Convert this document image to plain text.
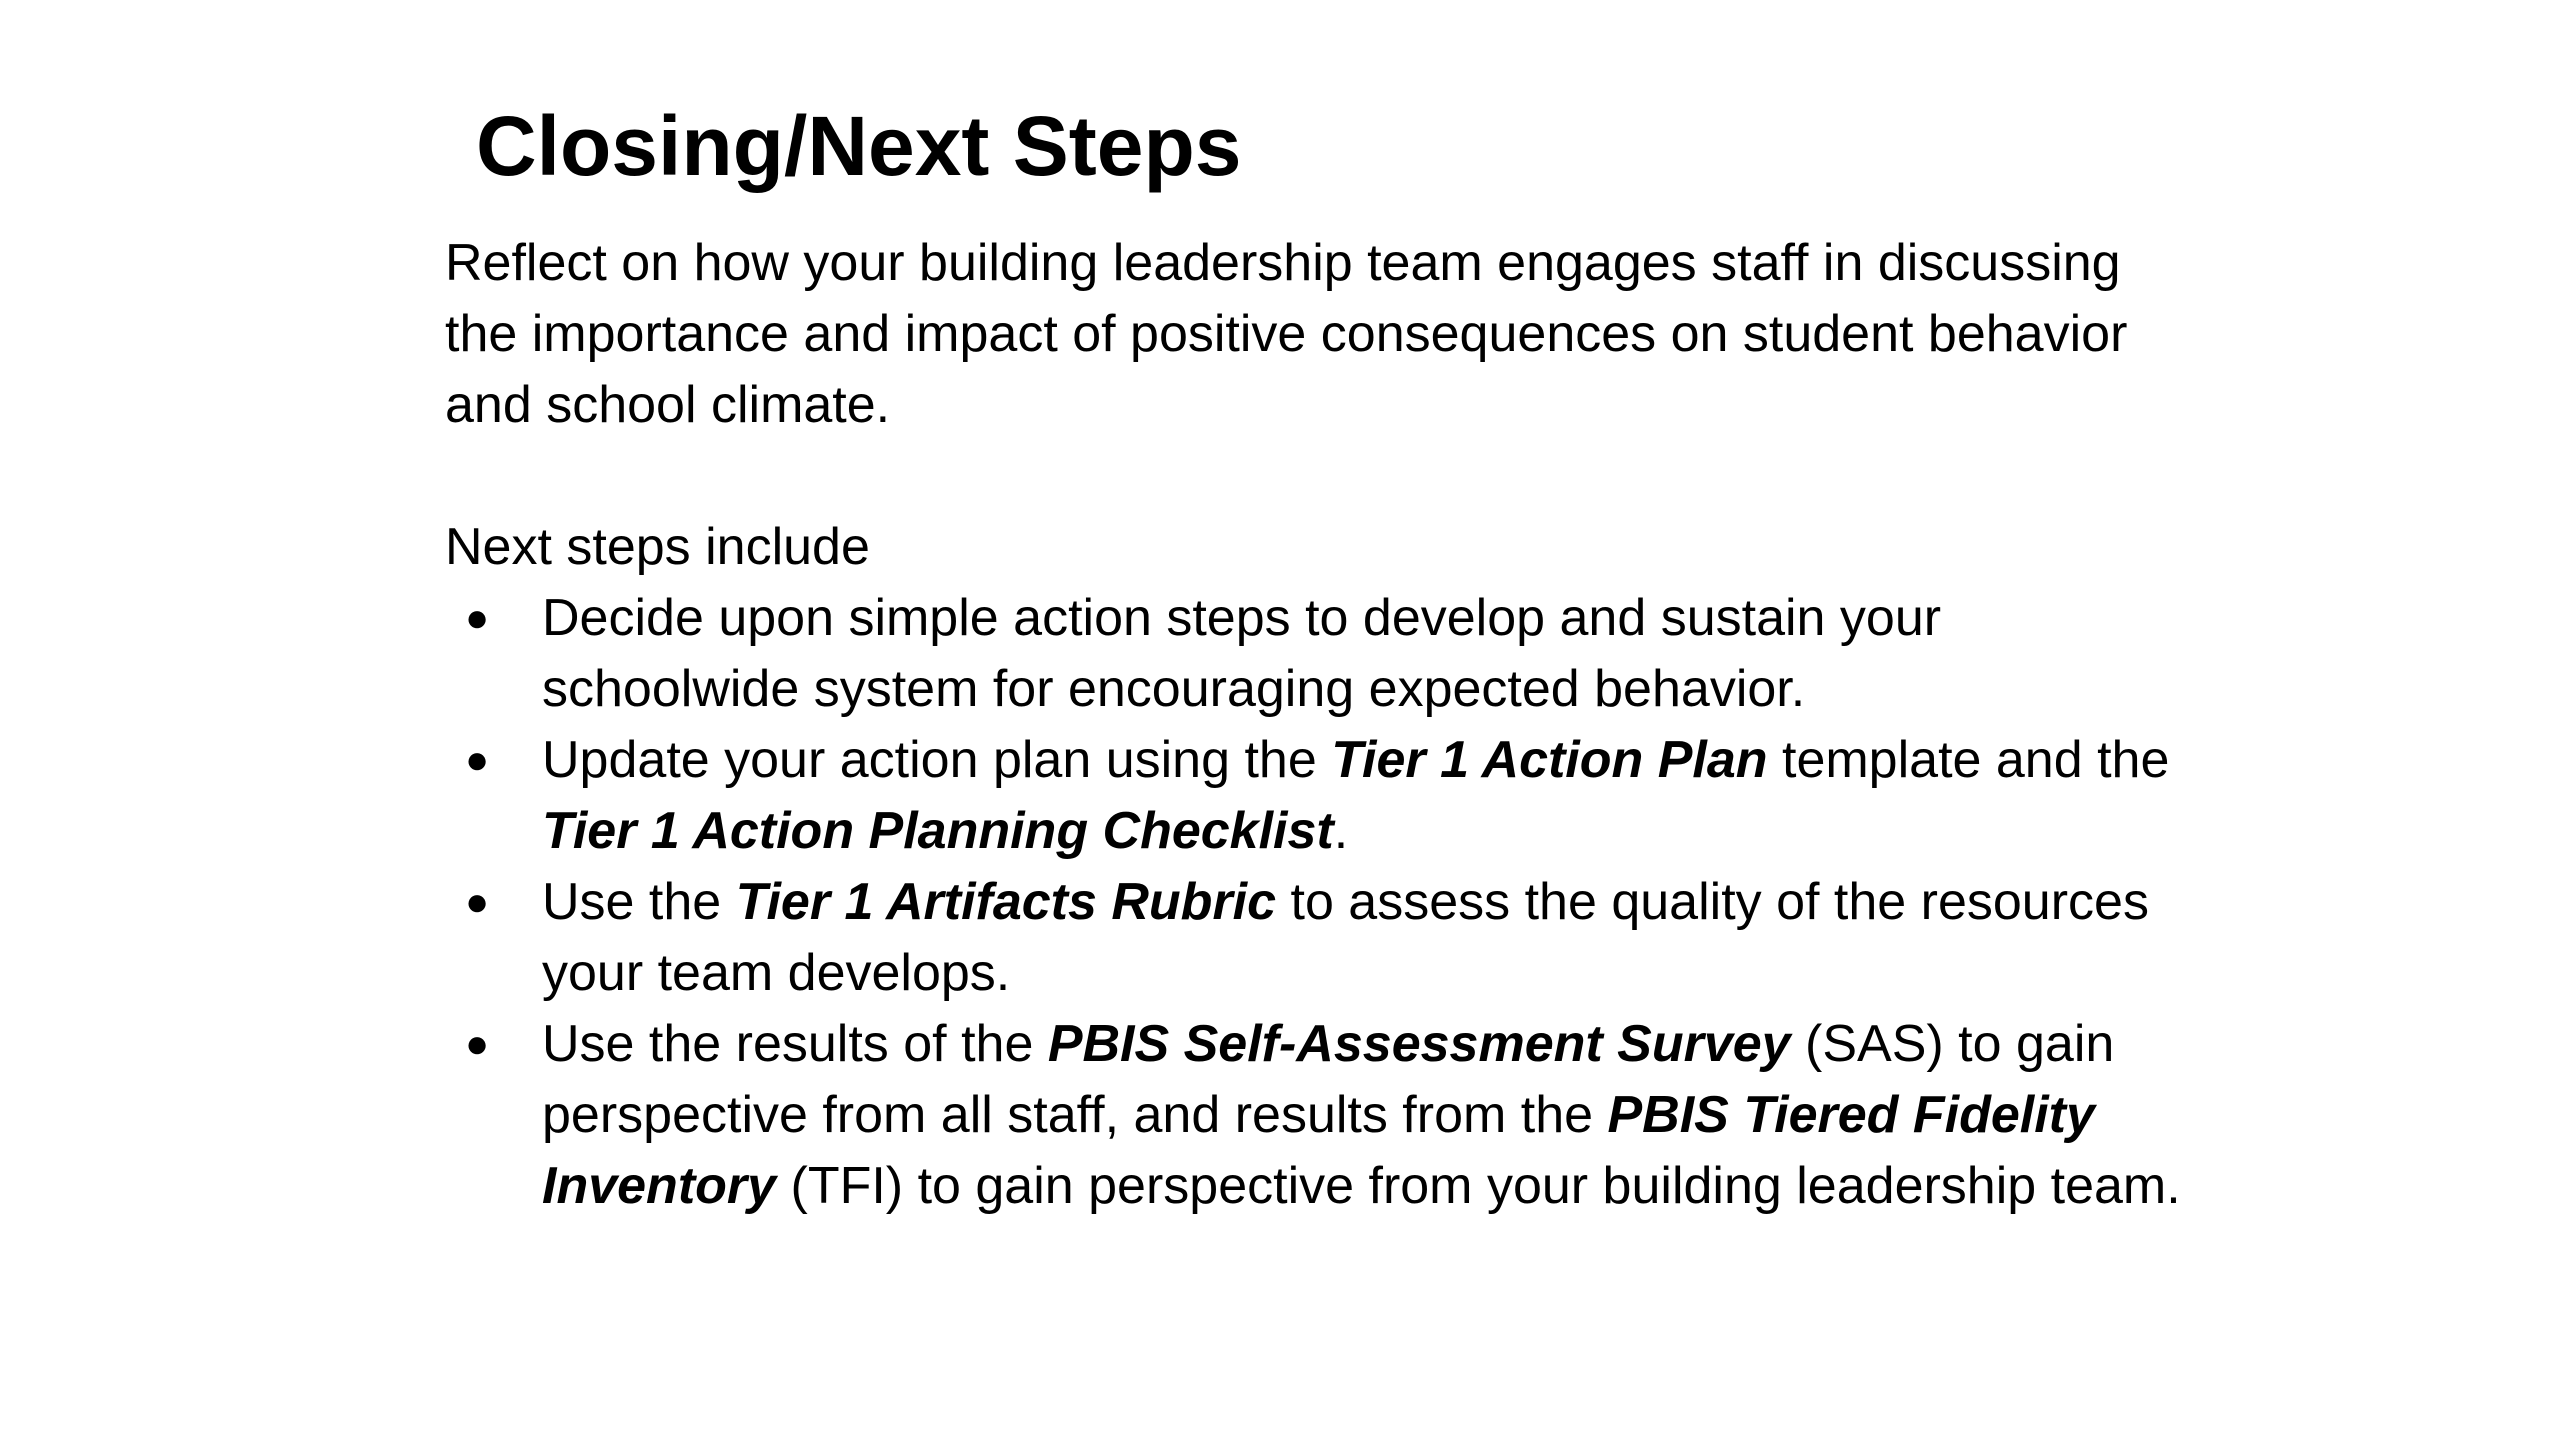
Closing/Next Steps

Reflect on how your building leadership team engages staff in discussing the importance and impact of positive consequences on student behavior and school climate.

Next steps include

● Decide upon simple action steps to develop and sustain your schoolwide system for encouraging expected behavior.
● Update your action plan using the Tier 1 Action Plan template and the Tier 1 Action Planning Checklist.
● Use the Tier 1 Artifacts Rubric to assess the quality of the resources your team develops.
● Use the results of the PBIS Self-Assessment Survey (SAS) to gain perspective from all staff, and results from the PBIS Tiered Fidelity Inventory (TFI) to gain perspective from your building leadership team.
